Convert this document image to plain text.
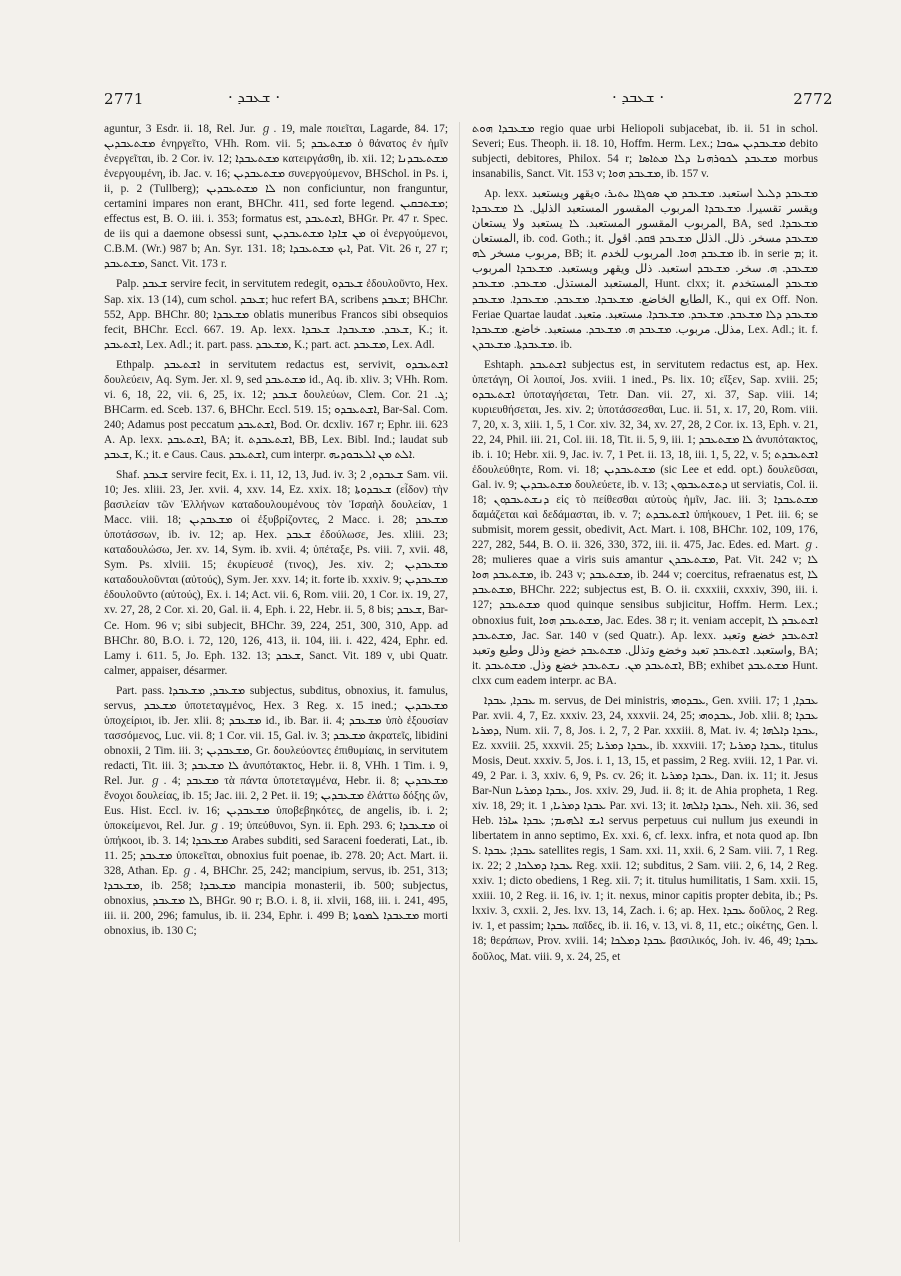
2771	· ܫܥܒܕ ·	· ܫܥܒܕ ·	2772

aguntur, 3 Esdr. ii. 18, Rel. Jur. ℊ. 19, male ποιεῖται, Lagarde, 84. 17; ܡܫܬܥܒܕܝܢ ἐνηργεῖτο, VHh. Rom. vii. 5; ܡܫܬܥܒܕ ὁ θάνατος ἐν ἡμῖν ἐνεργεῖται, ib. 2 Cor. iv. 12; ܡܫܬܥܒܕܐ κατειργάσθη, ib. xii. 12; ܡܫܬܥܒܕܢܐ ἐνεργουμένη, ib. Jac. v. 16; ܡܫܬܥܒܕܝܢ συνεργούμενον, BHSchol. in Ps. i, ii, p. 2 (Tullberg); ܠܐ ܡܫܬܥܒܕܝܢ non conficiuntur, non franguntur, certamini impares non erant, BHChr. 411, sed forte legend. ܡܫܬܒܩܝܢ; effectus est, B. O. iii. i. 353; formatus est, ܐܫܬܥܒܕ, BHGr. Pr. 47 r. Spec. de iis qui a daemone obsessi sunt, ܡܢ ܫܐܕܐ ܡܫܬܥܒܕܝܢ οἱ ἐνεργούμενοι, C.B.M. (Wr.) 987 b; An. Syr. 131. 18; ܐܝܟ ܡܫܬܥܒܕܐ, Pat. Vit. 26 r, 27 r; ܡܫܬܥܒܕ, Sanct. Vit. 173 r.

Palp. ܫܥܒܕ servire fecit, in servitutem redegit, ܫܥܒܕܘ ἐδουλοῦντο, Hex. Sap. xix. 13 (14), cum schol. ܫܥܒܕ; huc refert BA, scribens ܫܥܒܕ; BHChr. 552, App. BHChr. 80; ܡܫܥܒܕܐ oblatis muneribus Francos sibi obsequios fecit, BHChr. Eccl. 667. 19. Ap. lexx. ܫܥܒܕ. ܡܫܥܒܕܐ. ܫܥܒܕܐ, K.; it. ܐܫܬܥܒܕ, Lex. Adl.; it. part. pass. ܡܫܥܒܕ, K.; part. act. ܡܫܥܒܕ, Lex. Adl.

Ethpalp. ܐܫܬܥܒܕ in servitutem redactus est, servivit, ܐܫܬܥܒܕܘ δουλεύειν, Aq. Sym. Jer. xl. 9, sed ܡܫܬܥܒܕ id., Aq. ib. xliv. 3; VHh. Rom. vi. 6, 18, 22, vii. 6, 25, ix. 12; ܫܥܒܕ δουλεύων, Clem. Cor. ܓ. 21; BHCarm. ed. Sceb. 137. 6, BHChr. Eccl. 519. 15; ܐܫܬܥܒܕܘ, Bar-Sal. Com. 240; Adamus post peccatum ܐܫܬܥܒܕ, Bod. Or. dcxliv. 167 r; Ephr. iii. 623 A. Ap. lexx. ܐܫܬܥܒܕ, BA; it. ܐܫܬܥܒܕܬ, BB, Lex. Bibl. Ind.; laudat sub ܫܥܒܕ, K.; it. e Caus. Caus. ܐܫܬܥܒܕ, cum interpr. ܐܠܬ ܡܢ ܐܠܥܒܘܕܝܗ.

Shaf. ܫܥܒܕ servire fecit, Ex. i. 11, 12, 13, Jud. iv. 3; ܫܥܒܕܘ, 2 Sam. vii. 10; Jes. xliii. 23, Jer. xvii. 4, xxv. 14, Ez. xxix. 18; ܫܥܒܕܘܬܐ (εἶδον) τὴν βασιλείαν τῶν Ἑλλήνων καταδουλουμένους τὸν Ἰσραὴλ δουλείαν, 1 Macc. viii. 18; ܡܫܥܒܕܝܢ οἱ ἐξυβρίζοντες, 2 Macc. i. 28; ܡܫܥܒܕ ὑποτάσσων, ib. iv. 12; ap. Hex. ܫܥܒܕ ἐδούλωσε, Jes. xliii. 23; καταδουλώσω, Jer. xv. 14, Sym. ib. xvii. 4; ὑπέταξε, Ps. viii. 7, xvii. 48, Sym. Ps. xlviii. 15; ἐκυρίευσέ (τινος), Jes. xiv. 2; ܡܫܥܒܕܝܢ καταδουλοῦνται (αὐτούς), Sym. Jer. xxv. 14; it. forte ib. xxxiv. 9; ܡܫܥܒܕܝܢ ἐδουλοῦντο (αὐτούς), Ex. i. 14; Act. vii. 6, Rom. viii. 20, 1 Cor. ix. 19, 27, xv. 27, 28, 2 Cor. xi. 20, Gal. ii. 4, Eph. i. 22, Hebr. ii. 5, 8 bis; ܫܥܒܕ, Bar-Ce. Hom. 96 v; sibi subjecit, BHChr. 39, 224, 251, 300, 310, App. ad BHChr. 80, B.O. i. 72, 120, 126, 413, ii. 104, iii. i. 422, 424, Ephr. ed. Lamy i. 611. 5, Jo. Eph. 132. 13; ܫܥܒܕ, Sanct. Vit. 189 v, ubi Quatr. calmer, appaiser, désarmer.

Part. pass. ܡܫܥܒܕ, ܡܫܥܒܕܐ subjectus, subditus, obnoxius, it. famulus, servus, ܡܫܥܒܕ ὑποτεταγμένος, Hex. 3 Reg. x. 15 ined.; ܡܫܥܒܕܝܢ ὑποχείριοι, ib. Jer. xlii. 8; ܡܫܥܒܕ id., ib. Bar. ii. 4; ܡܫܥܒܕ ὑπὸ ἐξουσίαν τασσόμενος, Luc. vii. 8; 1 Cor. vii. 15, Gal. iv. 3; ܡܫܥܒܕ ἀκρατεῖς, libidini obnoxii, 2 Tim. iii. 3; ܡܫܥܒܕܝܢ, Gr. δουλεύοντες ἐπιθυμίαις, in servitutem redacti, Tit. iii. 3; ܠܐ ܡܫܥܒܕ ἀνυπότακτος, Hebr. ii. 8, VHh. 1 Tim. i. 9, Rel. Jur. ℊ. 4; ܡܫܥܒܕ τὰ πάντα ὑποτεταγμένα, Hebr. ii. 8; ܡܫܥܒܕܝܢ ἔνοχοι δουλείας, ib. 15; Jac. iii. 2, 2 Pet. ii. 19; ܡܫܥܒܕܝܢ ἐλάττω δόξης ὤν, Eus. Hist. Eccl. iv. 16; ܡܫܥܒܕܝܢ ὑποβεβηκότες, de angelis, ib. i. 2; ὑποκείμενοι, Rel. Jur. ℊ. 19; ὑπεύθυνοι, Syn. ii. Eph. 293. 6; ܡܫܥܒܕܐ οἱ ὑπήκοοι, ib. 3. 14; ܡܫܥܒܕܐ Arabes subditi, sed Saraceni foederati, Lat., ib. 11. 25; ܡܫܥܒܕ ὑποκεῖται, obnoxius fuit poenae, ib. 278. 20; Act. Mart. ii. 328, Athan. Ep. ℊ. 4, BHChr. 25, 242; mancipium, servus, ib. 251, 313; ܡܫܥܒܕܐ, ib. 258; ܡܫܥܒܕܐ mancipia monasterii, ib. 500; subjectus, obnoxius, ܠܐ ܡܫܥܒܕ, BHGr. 90 r; B.O. i. 8, ii. xlvii, 168, iii. i. 241, 495, iii. ii. 200, 296; famulus, ib. ii. 234, Ephr. i. 499 B; ܡܫܥܒܕܐ ܠܡܘܬܐ morti obnoxius, ib. 130 C;

ܡܫܥܒܕܐ ܗܘܬ regio quae urbi Heliopoli subjacebat, ib. ii. 51 in schol. Severi; Eus. Theoph. ii. 18. 10, Hoffm. Herm. Lex.; ܡܫܥܒܕܝܢ ܚܘܒܐ debito subjecti, debitores, Philox. 54 r; ܡܫܥܒܕ ܠܟܘܪܗܢܐ ܕܠܐ ܡܬܐܣܐ morbus insanabilis, Sanct. Vit. 153 v; ܡܫܥܒܕ ܗܘܐ, ib. 157 v.

Ap. lexx. ܡܫܥܒܕ ܕܠܝܠ استعبد. ܡܫܥܒܕ ܡܢ ܣܘܓܐܐ ܝܬܝܪ، ܘيقهر ويستعبد ويقسر تقسيرا. ܡܫܥܒܕܐ المربوب المقسور المستعبد الذليل. ܠܐ ܡܫܥܒܕܐ المربوب المقسور المستعبد. ܠܐ يستعبد ولا يستعان, BA, sed ܡܫܥܒܕܐ. المستعان, ib. cod. Goth.; it. ܡܫܥܒܕ مسخر. ذلل. الذلل ܡܫܥܒܕ ܦܩܕ. اقول مربوب مسخر ܠܗ, BB; it. ܡܫܥܒܕ ܗܘܐ. المربوب للخدم ib. in serie ܡ; it. ܡܫܥܒܕ. ܗ. سخر. ܡܫܥܒܕ استعبد. ذلل ويقهر ويستعبد. ܡܫܥܒܕܐ المربوب المستعبد المستذل. ܡܫܥܒܕ. ܡܫܥܒܕ, Hunt. clxx; it. ܡܫܥܒܕ المستخدم الطايع الخاضع. ܡܫܥܒܕܐ. ܡܫܥܒܕ. ܡܫܥܒܕܐ. ܡܫܥܒܕ, K., qui ex Off. Non. Feriae Quartae laudat ܡܫܥܒܕ ܕܠܐ ܡܫܥܒܕ. ܡܫܥܒܕ. ܡܫܥܒܕܐ. مستعبد. متعبد. مذلل. مربوب. ܡܫܥܒܕ ܗ. ܡܫܥܒܕ. مستعبد. خاضع. ܡܫܥܒܕܐ, Lex. Adl.; it. f. ܡܫܥܒܕܬܐ. ܡܫܥܒܕܢ. ib.

Eshtaph. ܐܫܬܥܒܕ subjectus est, in servitutem redactus est, ap. Hex. ὑπετάγη, Οἱ λοιποί, Jos. xviii. 1 ined., Ps. lix. 10; εἴξεν, Sap. xviii. 25; ܐܫܬܥܒܕܘ ὑποταγήσεται, Tetr. Dan. vii. 27, xi. 37, Sap. viii. 14; κυριευθήσεται, Jes. xiv. 2; ὑποτάσσεσθαι, Luc. ii. 51, x. 17, 20, Rom. viii. 7, 20, x. 3, xiii. 1, 5, 1 Cor. xiv. 32, 34, xv. 27, 28, 2 Cor. ix. 13, Eph. v. 21, 22, 24, Phil. iii. 21, Col. iii. 18, Tit. ii. 5, 9, iii. 1; ܠܐ ܡܫܬܥܒܕ ἀνυπότακτος, ib. i. 10; Hebr. xii. 9, Jac. iv. 7, 1 Pet. ii. 13, 18, iii. 1, 5, 22, v. 5; ܐܫܬܥܒܕܬ ἐδουλεύθητε, Rom. vi. 18; ܡܫܬܥܒܕܝܢ (sic Lee et edd. opt.) δουλεῦσαι, Gal. iv. 9; ܡܫܬܥܒܕܝܢ δουλεύετε, ib. v. 13; ܕܬܫܬܥܒܕܘܢ ut serviatis, Col. ii. 18; ܕܢܫܬܥܒܕܘܢ εἰς τὸ πείθεσθαι αὐτοὺς ἡμῖν, Jac. iii. 3; ܡܫܬܥܒܕܐ δαμάζεται καὶ δεδάμασται, ib. v. 7; ܐܫܬܥܒܕܬ ὑπήκουεν, 1 Pet. iii. 6; se submisit, morem gessit, obedivit, Act. Mart. i. 108, BHChr. 102, 109, 176, 227, 282, 544, B. O. ii. 326, 330, 372, iii. ii. 475, Jac. Edes. ed. Mart. ℊ. 28; mulieres quae a viris suis amantur ܡܫܬܥܒܕܢ, Pat. Vit. 242 v; ܠܐ ܡܫܬܥܒܕ ܗܘܐ, ib. 243 v; ܡܫܬܥܒܕ, ib. 244 v; coercitus, refraenatus est, ܠܐ ܡܫܬܥܒܕ, BHChr. 222; subjectus est, B. O. ii. cxxxiii, cxxxiv, 390, iii. i. 127; ܡܫܬܥܒܕ quod quinque sensibus subjicitur, Hoffm. Herm. Lex.; obnoxius fuit, ܡܫܬܥܒܕ ܗܘܐ, Jac. Edes. 38 r; it. veniam accepit, ܐܫܬܥܒܕ ܠܐ ܡܫܬܥܒܕ, Jac. Sar. 140 v (sed Quatr.). Ap. lexx. ܐܫܬܥܒܕ خضع وتعبد واستعبد. ܐܫܬܥܒܕ تعبد وخضع وتذلل. ܡܫܬܥܒܕ خضع وذلل وطيع وتعبد, BA; it. ܐܫܬܥܒܕ ܡܢ. ܢܫܬܥܒܕ خضع وذل. ܡܫܬܥܒܕ, BB; exhibet ܡܫܬܥܒܕ Hunt. clxx cum eadem interpr. ac BA.

ܥܒܕܐ, ܥܒܕܐ m. servus, de Dei ministris, ܥܒܕܘܗܝ, Gen. xviii. 17; ܥܒܕܐ, 1 Par. xvii. 4, 7, Ez. xxxiv. 23, 24, xxxvii. 24, 25; ܥܒܕܘܗܝ, Job. xlii. 8; ܥܒܕܐ ܕܡܪܝܐ, Num. xii. 7, 8, Jos. i. 2, 7, 2 Par. xxxiii. 8, Mat. iv. 4; ܥܒܕܐ ܕܐܠܗܐ, Ez. xxviii. 25, xxxvii. 25; ܥܒܕܐ ܕܡܪܝܐ, ib. xxxviii. 17; ܥܒܕܐ ܕܡܪܝܐ, titulus Mosis, Deut. xxxiv. 5, Jos. i. 1, 13, 15, et passim, 2 Reg. xviii. 12, 1 Par. vi. 49, 2 Par. i. 3, xxiv. 6, 9, Ps. cv. 26; it. ܥܒܕܐ ܕܡܪܝܐ, Dan. ix. 11; it. Jesus Bar-Nun ܥܒܕܐ ܕܡܪܝܐ, Jos. xxiv. 29, Jud. ii. 8; it. de Ahia propheta, 1 Reg. xiv. 18, 29; it. ܥܒܕܐ ܕܡܪܝܐ, 1 Par. xvi. 13; it. ܥܒܕܐ ܕܐܠܗܐ, Neh. xii. 36, sed Heb. ܐܝܫ ܐܠܗܝܡ; ܥܒܕܐ ܚܐܪܐ servus perpetuus cui nullum jus exeundi in libertatem in anno septimo, Ex. xxi. 6, cf. lexx. infra, et nota quod ap. Ibn S. ܥܒܕܐ; ܥܒܕܐ satellites regis, 1 Sam. xxi. 11, xxii. 6, 2 Sam. viii. 7, 1 Reg. ix. 22; ܥܒܕܐ ܕܡܠܟܐ, 2 Reg. xxii. 12; subditus, 2 Sam. viii. 2, 6, 14, 2 Reg. xxiv. 1; dicto obediens, 1 Reg. xii. 7; it. titulus humilitatis, 1 Sam. xxii. 15, xxiii. 10, 2 Reg. ii. 16, iv. 1; it. nexus, minor capitis propter debita, ib.; Ps. lxxiv. 3, cxxii. 2, Jes. lxv. 13, 14, Zach. i. 6; ap. Hex. ܥܒܕܐ δοῦλος, 2 Reg. iv. 1, et passim; ܥܒܕܐ παῖδες, ib. ii. 16, v. 13, vi. 8, 11, etc.; οἰκέτης, Gen. l. 18; θεράπων, Prov. xviii. 14; ܥܒܕܐ ܕܡܠܟܐ βασιλικός, Joh. iv. 46, 49; ܥܒܕܐ δοῦλος, Mat. viii. 9, x. 24, 25, et
